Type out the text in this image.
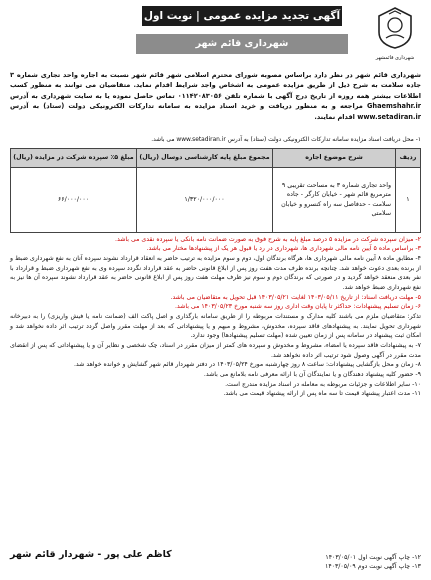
آگهی تجدید مزایده عمومی | نوبت اول
شهرداری قائم شهر
شهرداری قائمشهر
شهرداری قائم شهر در نظر دارد براساس مصوبه شورای محترم اسلامی شهر قائم شهر نسبت به اجاره واحد تجاری شماره ۳ جاده سلامت به شرح ذیل از طریق مزایده عمومی به اشخاص واجد شرایط اقدام نماید. متقاضیان می توانند به منظور کسب اطلاعات بیشتر همه روزه از تاریخ درج آگهی با شماره تلفن ۰۱۱۴۲۰۸۳۰۵۶ تماس حاصل نموده یا به سایت شهرداری به آدرس Ghaemshahr.ir مراجعه و به منظور دریافت و خرید اسناد مزایده به سامانه تدارکات الکترونیکی دولت (ستاد) به آدرس www.setadiran.ir اقدام نمایند.
۱- محل دریافت اسناد مزایده سامانه تدارکات الکترونیکی دولت (ستاد) به آدرس www.setadiran.ir می باشد.
ردیف	شرح موضوع اجاره	مجموع مبلغ پایه کارشناسی دوسال (ریال)	مبلغ ۵٪ سپرده شرکت در مزایده (ریال)
۱	واحد تجاری شماره ۳ به مساحت تقریبی ۹ مترمربع قائم شهر - خیابان کارگر - جاده سلامت - حدفاصل سه راه کنسرو و خیابان سلامتی	۱/۳۲۰/۰۰۰/۰۰۰	۶۶/۰۰۰/۰۰۰

۲- میزان سپرده شرکت در مزایده ۵ درصد مبلغ پایه به شرح فوق به صورت ضمانت نامه بانکی یا سپرده نقدی می باشد.

۳- براساس ماده ۵ آیین نامه مالی شهرداری ها، شهرداری در رد یا قبول هر یک از پیشنهادها مختار می باشد.

۴- مطابق ماده ۸ آیین نامه مالی شهرداری ها، هرگاه برندگان اول، دوم و سوم مزایده به ترتیب حاضر به انعقاد قرارداد نشوند سپرده آنان به نفع شهرداری ضبط و از برنده بعدی دعوت خواهد شد. چنانچه برنده ظرف مدت هفت روز پس از ابلاغ قانونی حاضر به عقد قرارداد نگردد سپرده وی به نفع شهرداری ضبط و قرارداد با نفر بعدی منعقد خواهد گردید و در صورتی که برندگان دوم و سوم نیز ظرف مهلت هفت روز پس از ابلاغ قانونی حاضر به عقد قرارداد نشوند سپرده آن ها نیز به نفع شهرداری ضبط خواهد شد.

۵- مهلت دریافت اسناد: از تاریخ ۱۴۰۳/۰۵/۱۱ لغایت ۱۴۰۳/۰۵/۲۱ قبل تحویل به متقاضیان می باشد.

۶- زمان تسلیم پیشنهادات: حداکثر تا پایان وقت اداری روز سه شنبه مورخ ۱۴۰۳/۰۵/۲۳ می باشد.

تذکر: متقاضیان ملزم می باشند کلیه مدارک و مستندات مربوطه را از طریق سامانه بارگذاری و اصل پاکت الف (ضمانت نامه یا فیش واریزی) را به دبیرخانه شهرداری تحویل نمایند. به پیشنهادهای فاقد سپرده، مخدوش، مشروط و مبهم و یا پیشنهاداتی که بعد از مهلت مقرر واصل گردد ترتیب اثر داده نخواهد شد و امکان ثبت پیشنهاد در سامانه پس از زمان تعیین شده (مهلت تسلیم پیشنهادها) وجود ندارد.

۷- به پیشنهادات فاقد سپرده یا امضاء، مشروط و مخدوش و سپرده های کمتر از میزان مقرر در اسناد، چک شخصی و نظایر آن و یا پیشنهاداتی که پس از انقضای مدت مقرر در آگهی وصول شود ترتیب اثر داده نخواهد شد.

۸- زمان و محل بازگشایی پیشنهادات: ساعت ۸ روز چهارشنبه مورخ ۱۴۰۳/۰۵/۲۴ در دفتر شهردار قائم شهر گشایش و خوانده خواهد شد.

۹- حضور کلیه پیشنهاد دهندگان و یا نمایندگان آن با ارائه معرفی نامه بلامانع می باشد.

۱۰- سایر اطلاعات و جزئیات مربوطه به معامله در اسناد مزایده مندرج است.

۱۱- مدت اعتبار پیشنهاد قیمت تا سه ماه پس از ارائه پیشنهاد قیمت می باشد.

۱۲- چاپ آگهی نوبت اول ۱۴۰۳/۰۵/۰۱
۱۳- چاپ آگهی نوبت دوم ۱۴۰۳/۰۵/۰۹
کاظم علی پور - شهردار قائم شهر
